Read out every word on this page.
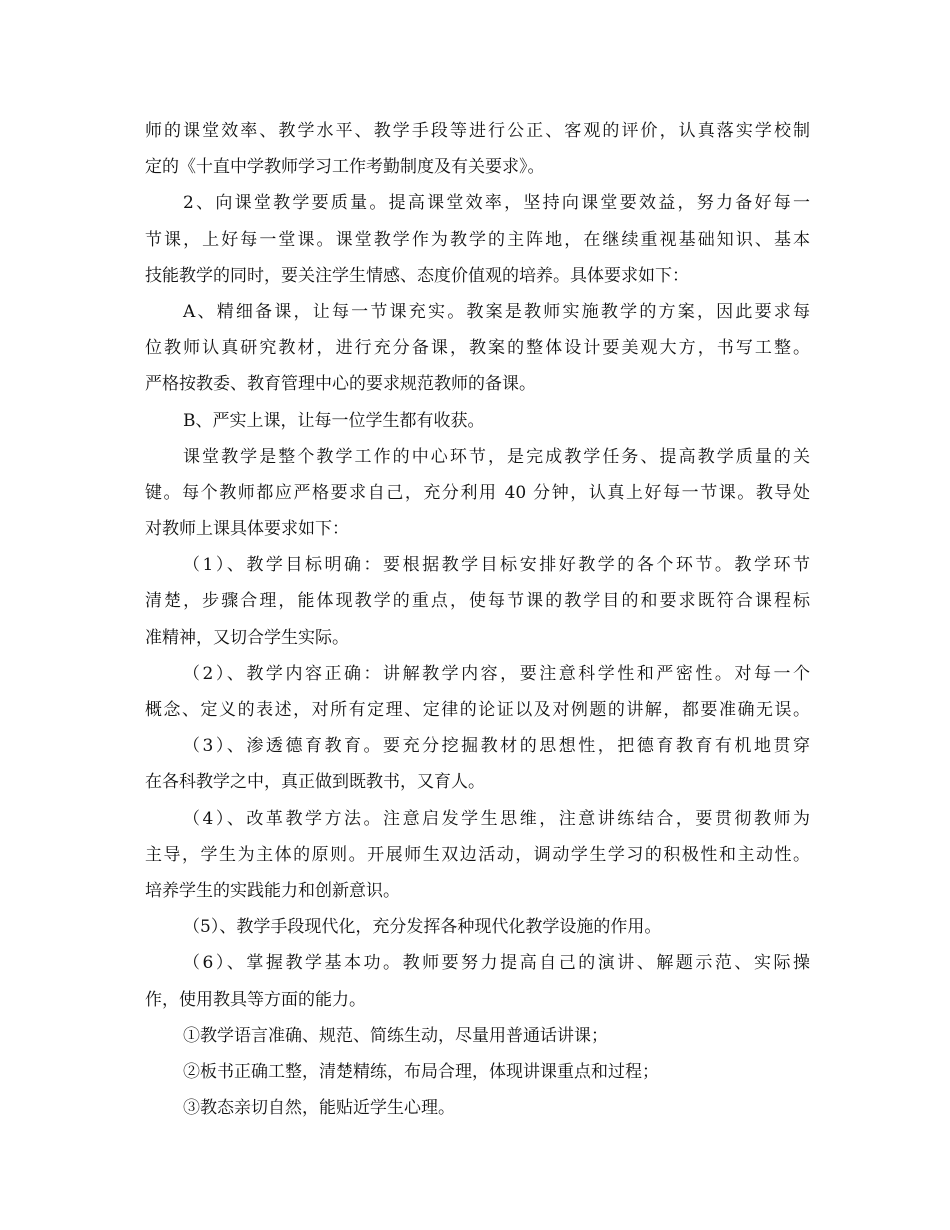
师的课堂效率、教学水平、教学手段等进行公正、客观的评价，认真落实学校制
定的《十直中学教师学习工作考勤制度及有关要求》。
2、向课堂教学要质量。提高课堂效率，坚持向课堂要效益，努力备好每一
节课，上好每一堂课。课堂教学作为教学的主阵地，在继续重视基础知识、基本
技能教学的同时，要关注学生情感、态度价值观的培养。具体要求如下：
A、精细备课，让每一节课充实。教案是教师实施教学的方案，因此要求每
位教师认真研究教材，进行充分备课，教案的整体设计要美观大方，书写工整。
严格按教委、教育管理中心的要求规范教师的备课。
B、严实上课，让每一位学生都有收获。
课堂教学是整个教学工作的中心环节，是完成教学任务、提高教学质量的关
键。每个教师都应严格要求自己，充分利用 40 分钟，认真上好每一节课。教导处
对教师上课具体要求如下：
（1）、教学目标明确：要根据教学目标安排好教学的各个环节。教学环节
清楚，步骤合理，能体现教学的重点，使每节课的教学目的和要求既符合课程标
准精神，又切合学生实际。
（2）、教学内容正确：讲解教学内容，要注意科学性和严密性。对每一个
概念、定义的表述，对所有定理、定律的论证以及对例题的讲解，都要准确无误。
（3）、渗透德育教育。要充分挖掘教材的思想性，把德育教育有机地贯穿
在各科教学之中，真正做到既教书，又育人。
（4）、改革教学方法。注意启发学生思维，注意讲练结合，要贯彻教师为
主导，学生为主体的原则。开展师生双边活动，调动学生学习的积极性和主动性。
培养学生的实践能力和创新意识。
（5）、教学手段现代化，充分发挥各种现代化教学设施的作用。
（6）、掌握教学基本功。教师要努力提高自己的演讲、解题示范、实际操
作，使用教具等方面的能力。
①教学语言准确、规范、简练生动，尽量用普通话讲课；
②板书正确工整，清楚精练，布局合理，体现讲课重点和过程；
③教态亲切自然，能贴近学生心理。
